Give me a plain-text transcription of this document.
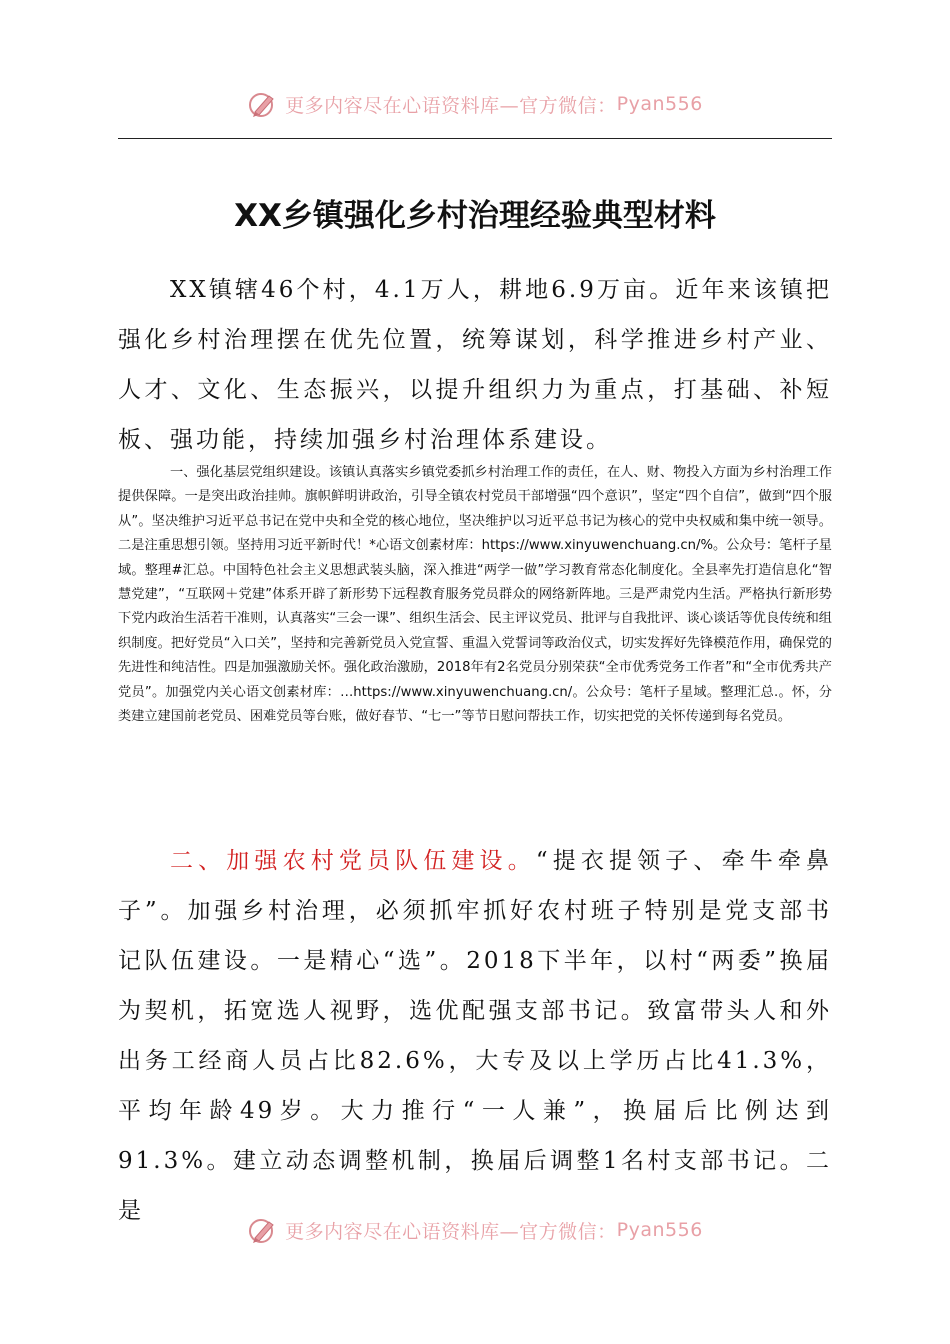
更多内容尽在心语资料库—官方微信： Pyan556
XX乡镇强化乡村治理经验典型材料

XX镇辖46个村，4.1万人，耕地6.9万亩。近年来该镇把强化乡村治理摆在优先位置，统筹谋划，科学推进乡村产业、人才、文化、生态振兴，以提升组织力为重点，打基础、补短板、强功能，持续加强乡村治理体系建设。

一、强化基层党组织建设。该镇认真落实乡镇党委抓乡村治理工作的责任，在人、财、物投入方面为乡村治理工作提供保障。一是突出政治挂帅。旗帜鲜明讲政治，引导全镇农村党员干部增强“四个意识”，坚定“四个自信”，做到“四个服从”。坚决维护习近平总书记在党中央和全党的核心地位，坚决维护以习近平总书记为核心的党中央权威和集中统一领导。二是注重思想引领。坚持用习近平新时代！*心语文创素材库：https://www.xinyuwenchuang.cn/%。公众号：笔杆子星域。整理#汇总。中国特色社会主义思想武装头脑，深入推进“两学一做”学习教育常态化制度化。全县率先打造信息化“智慧党建”，“互联网＋党建”体系开辟了新形势下远程教育服务党员群众的网络新阵地。三是严肃党内生活。严格执行新形势下党内政治生活若干准则，认真落实“三会一课”、组织生活会、民主评议党员、批评与自我批评、谈心谈话等优良传统和组织制度。把好党员“入口关”，坚持和完善新党员入党宣誓、重温入党誓词等政治仪式，切实发挥好先锋模范作用，确保党的先进性和纯洁性。四是加强激励关怀。强化政治激励，2018年有2名党员分别荣获“全市优秀党务工作者”和“全市优秀共产党员”。加强党内关心语文创素材库：…https://www.xinyuwenchuang.cn/。公众号：笔杆子星域。整理汇总.。怀，分类建立建国前老党员、困难党员等台账，做好春节、“七一”等节日慰问帮扶工作，切实把党的关怀传递到每名党员。

二、加强农村党员队伍建设。“提衣提领子、牵牛牵鼻子”。加强乡村治理，必须抓牢抓好农村班子特别是党支部书记队伍建设。一是精心“选”。2018下半年，以村“两委”换届为契机，拓宽选人视野，选优配强支部书记。致富带头人和外出务工经商人员占比82.6%，大专及以上学历占比41.3%，平均年龄49岁。大力推行“一人兼”，换届后比例达到91.3%。建立动态调整机制，换届后调整1名村支部书记。二是

更多内容尽在心语资料库—官方微信： Pyan556
